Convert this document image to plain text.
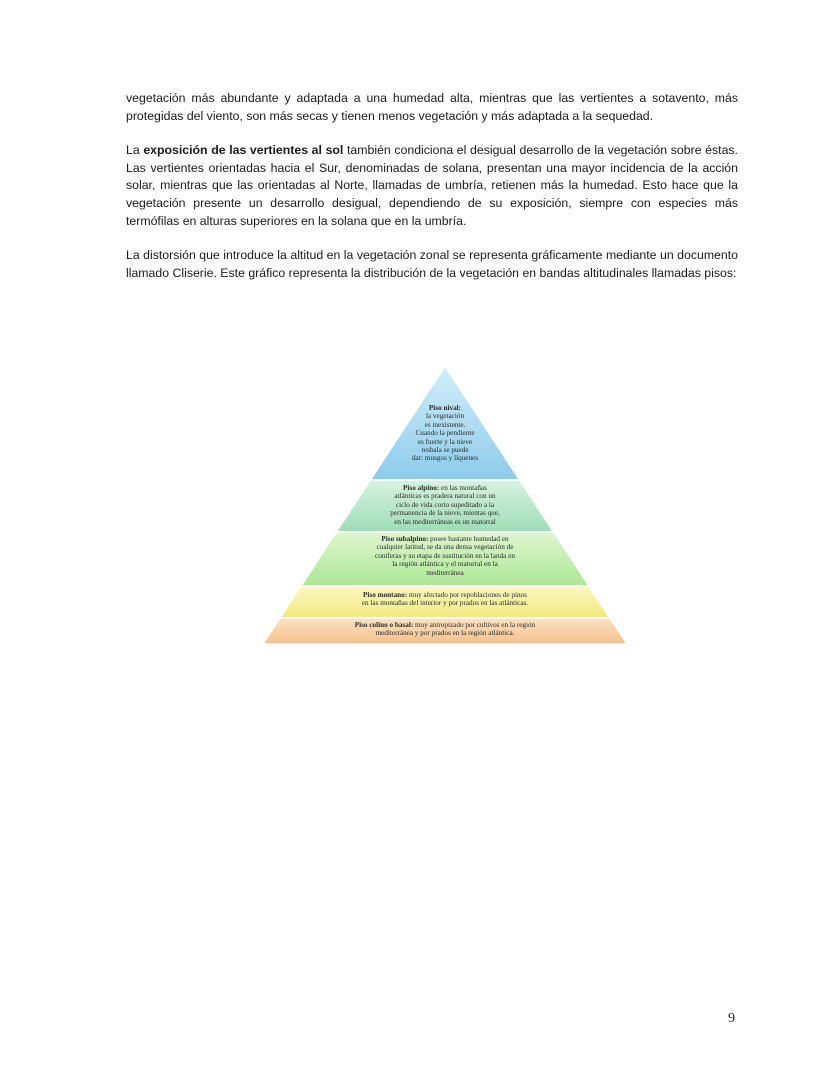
vegetación más abundante y adaptada a una humedad alta, mientras que las vertientes a sotavento, más protegidas del viento, son más secas y tienen menos vegetación y más adaptada a la sequedad.

La exposición de las vertientes al sol también condiciona el desigual desarrollo de la vegetación sobre éstas. Las vertientes orientadas hacia el Sur, denominadas de solana, presentan una mayor incidencia de la acción solar, mientras que las orientadas al Norte, llamadas de umbría, retienen más la humedad. Esto hace que la vegetación presente un desarrollo desigual, dependiendo de su exposición, siempre con especies más termófilas en alturas superiores en la solana que en la umbría.

La distorsión que introduce la altitud en la vegetación zonal se representa gráficamente mediante un documento llamado Cliserie. Este gráfico representa la distribución de la vegetación en bandas altitudinales llamadas pisos:

Piso nival:
la vegetación
es inexistente.
Cuando la pendiente
es fuerte y la nieve
resbala se puede
dar: musgos y líquenes
Piso alpino: en las montañas
atlánticas es pradera natural con un
ciclo de vida corto supeditado a la
permanencia de la nieve, mientas que,
en las mediterráneas es un matorral
Piso subalpino: posee bastante humedad en
cualquier latitud, se da una densa vegetación de
coníferas y su etapa de sustitución en la landa en
la región atlántica y el matorral en la
mediterránea
Piso montano: muy afectado por repoblaciones de pinos
en las montañas del interior y por prados en las atlánticas.
Piso colino o basal: muy antropizado por cultivos en la región
mediterránea y por prados en la región atlántica.
9
